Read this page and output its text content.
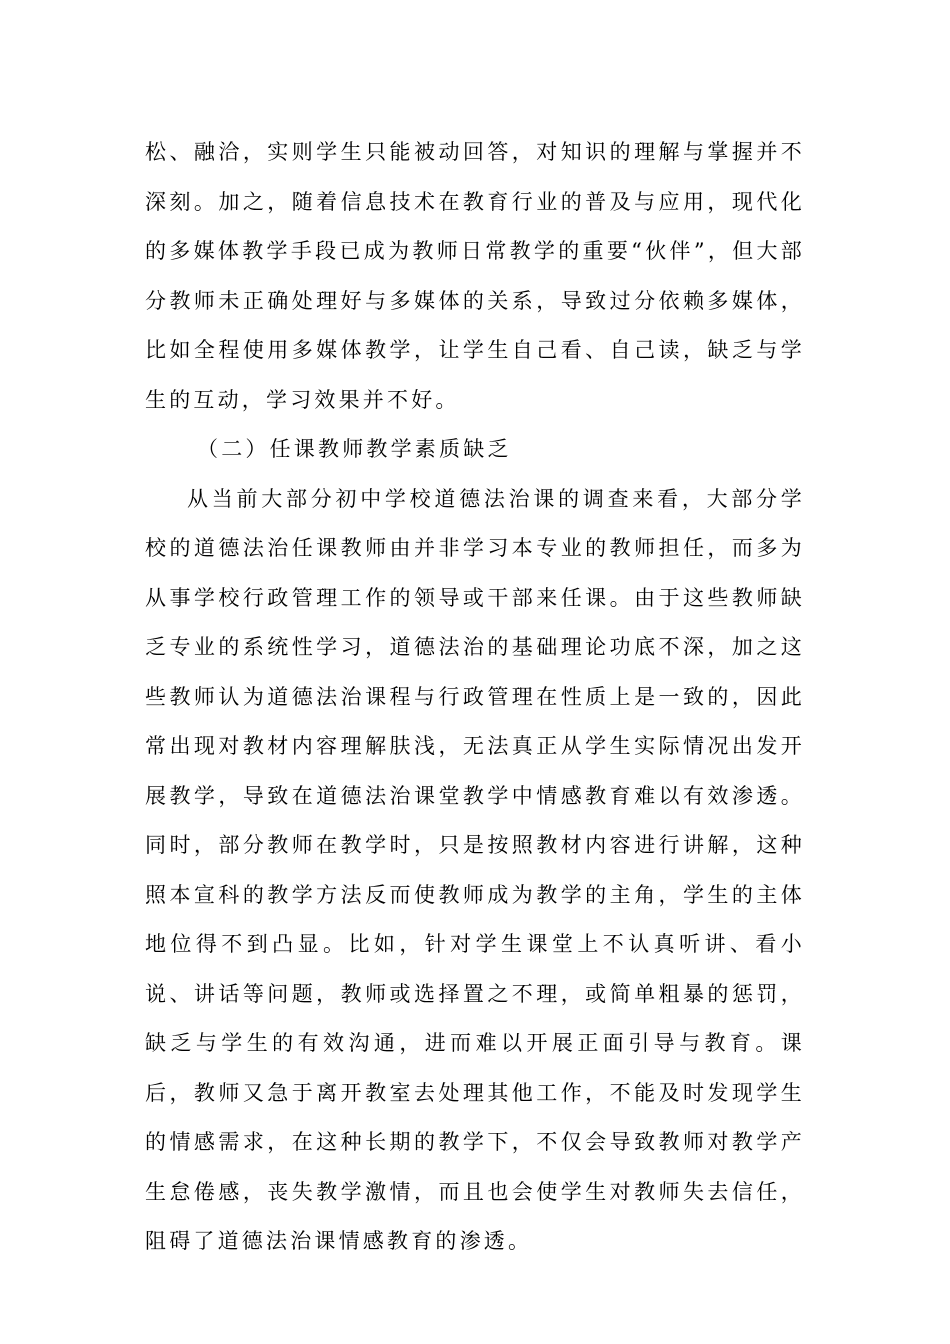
松、融洽，实则学生只能被动回答，对知识的理解与掌握并不深刻。加之，随着信息技术在教育行业的普及与应用，现代化的多媒体教学手段已成为教师日常教学的重要“伙伴”，但大部分教师未正确处理好与多媒体的关系，导致过分依赖多媒体，比如全程使用多媒体教学，让学生自己看、自己读，缺乏与学生的互动，学习效果并不好。

（二）任课教师教学素质缺乏

从当前大部分初中学校道德法治课的调查来看，大部分学校的道德法治任课教师由并非学习本专业的教师担任，而多为从事学校行政管理工作的领导或干部来任课。由于这些教师缺乏专业的系统性学习，道德法治的基础理论功底不深，加之这些教师认为道德法治课程与行政管理在性质上是一致的，因此常出现对教材内容理解肤浅，无法真正从学生实际情况出发开展教学，导致在道德法治课堂教学中情感教育难以有效渗透。同时，部分教师在教学时，只是按照教材内容进行讲解，这种照本宣科的教学方法反而使教师成为教学的主角，学生的主体地位得不到凸显。比如，针对学生课堂上不认真听讲、看小说、讲话等问题，教师或选择置之不理，或简单粗暴的惩罚，缺乏与学生的有效沟通，进而难以开展正面引导与教育。课后，教师又急于离开教室去处理其他工作，不能及时发现学生的情感需求，在这种长期的教学下，不仅会导致教师对教学产生怠倦感，丧失教学激情，而且也会使学生对教师失去信任，阻碍了道德法治课情感教育的渗透。
